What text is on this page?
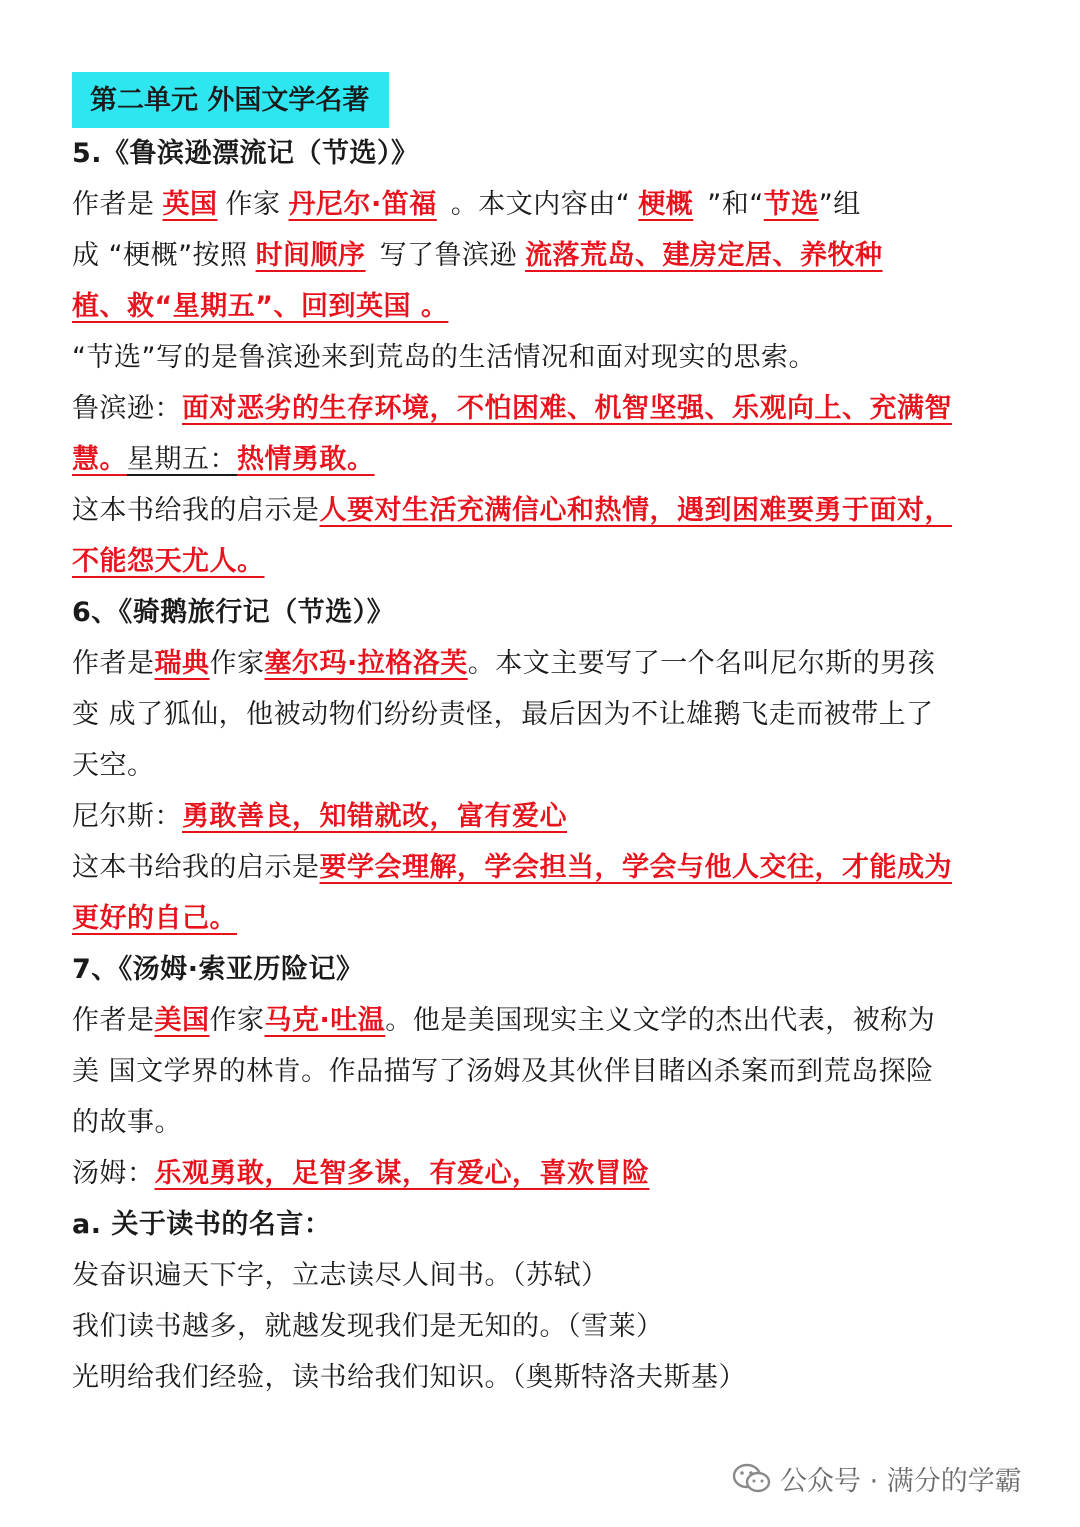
第二单元 外国文学名著
5.《鲁滨逊漂流记（节选）》
作者是 英国 作家 丹尼尔·笛福 。本文内容由“ 梗概 ”和“节选”组
成 “梗概”按照 时间顺序 写了鲁滨逊 流落荒岛、建房定居、养牧种
植、救“星期五”、回到英国 。
“节选”写的是鲁滨逊来到荒岛的生活情况和面对现实的思索。
鲁滨逊：面对恶劣的生存环境，不怕困难、机智坚强、乐观向上、充满智
慧。星期五：热情勇敢。
这本书给我的启示是人要对生活充满信心和热情，遇到困难要勇于面对，
不能怨天尤人。
6、《骑鹅旅行记（节选）》
作者是瑞典作家塞尔玛·拉格洛芙。本文主要写了一个名叫尼尔斯的男孩
变 成了狐仙，他被动物们纷纷责怪，最后因为不让雄鹅飞走而被带上了
天空。
尼尔斯：勇敢善良，知错就改，富有爱心
这本书给我的启示是要学会理解，学会担当，学会与他人交往，才能成为
更好的自己。
7、《汤姆·索亚历险记》
作者是美国作家马克·吐温。他是美国现实主义文学的杰出代表，被称为
美 国文学界的林肯。作品描写了汤姆及其伙伴目睹凶杀案而到荒岛探险
的故事。
汤姆：乐观勇敢，足智多谋，有爱心，喜欢冒险
a. 关于读书的名言：
发奋识遍天下字，立志读尽人间书。（苏轼）
我们读书越多，就越发现我们是无知的。（雪莱）
光明给我们经验，读书给我们知识。（奥斯特洛夫斯基）
公众号 · 满分的学霸
